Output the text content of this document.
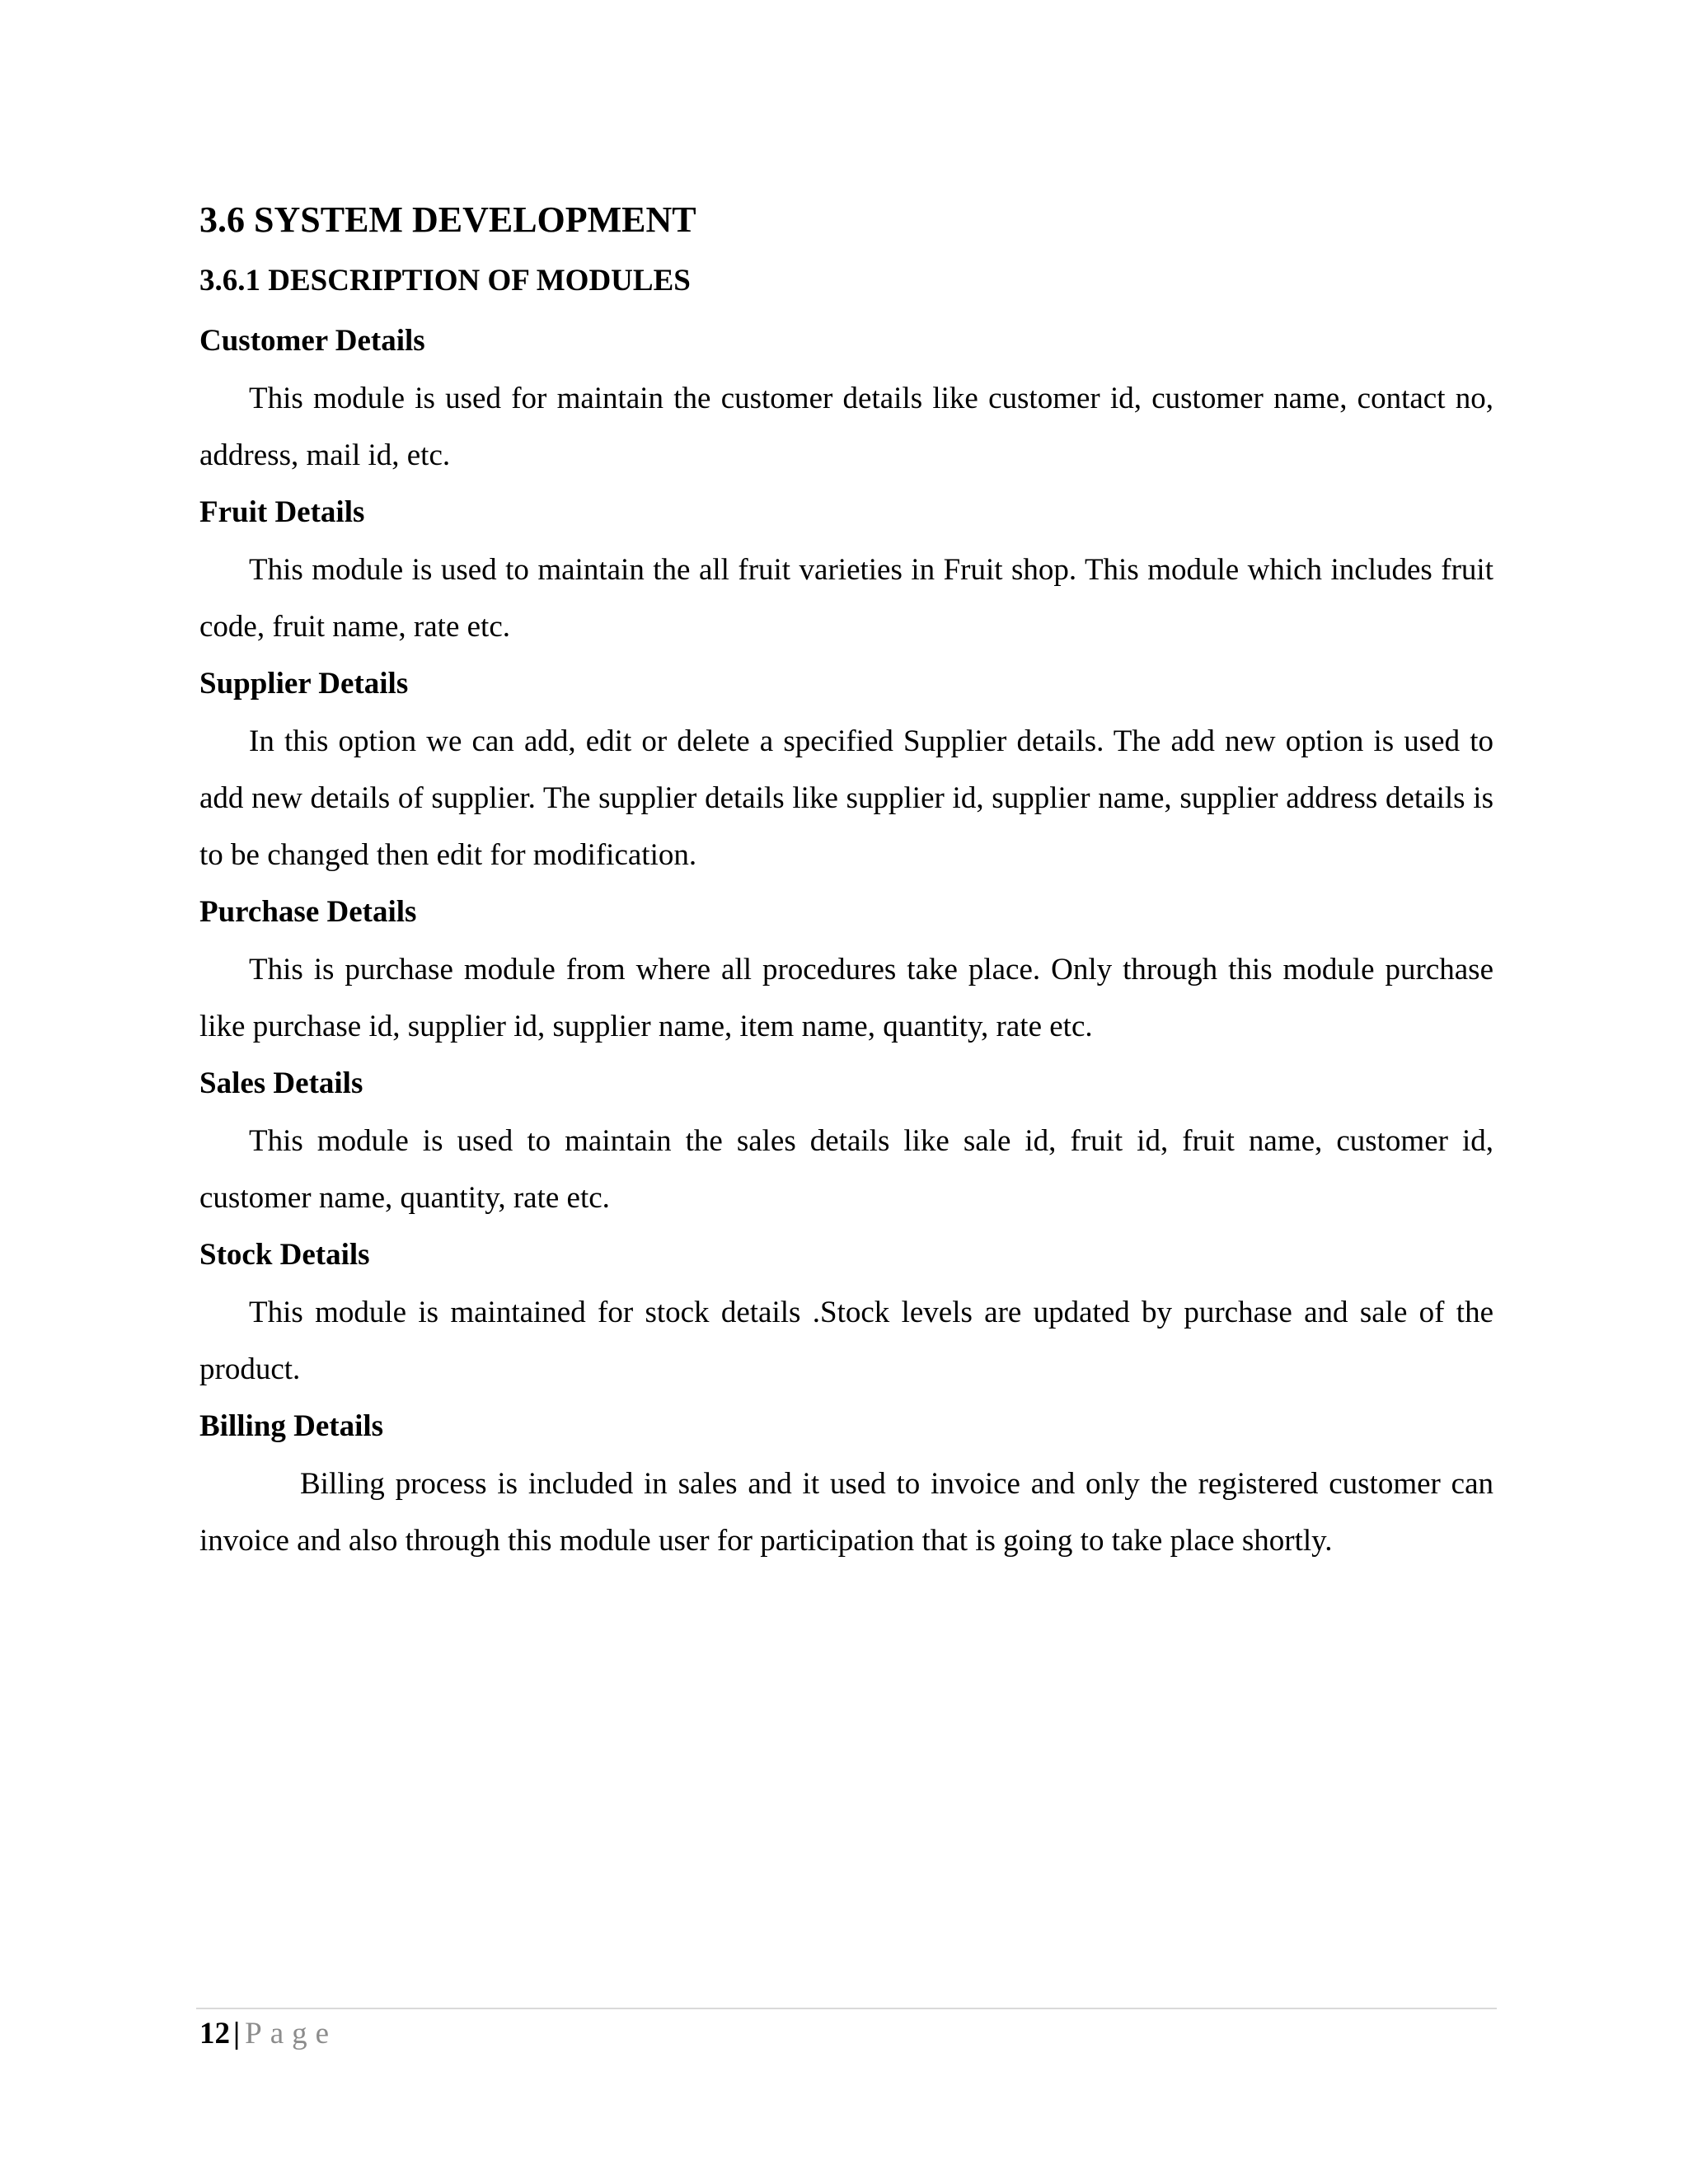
3.6 SYSTEM DEVELOPMENT
3.6.1 DESCRIPTION OF MODULES
Customer Details

This module is used for maintain the customer details like customer id, customer name, contact no, address, mail id, etc.

Fruit Details

This module is used to maintain the all fruit varieties in Fruit shop. This module which includes fruit code, fruit name, rate etc.

Supplier Details

In this option we can add, edit or delete a specified Supplier details. The add new option is used to add new details of supplier. The supplier details like supplier id, supplier name, supplier address details is to be changed then edit for modification.

Purchase Details

This is purchase module from where all procedures take place. Only through this module purchase like purchase id, supplier id, supplier name, item name, quantity, rate etc.

Sales Details

This module is used to maintain the sales details like sale id, fruit id, fruit name, customer id, customer name, quantity, rate etc.

Stock Details

This module is maintained for stock details .Stock levels are updated by purchase and sale of the product.

Billing Details

Billing process is included in sales and it used to invoice and only the registered customer can invoice and also through this module user for participation that is going to take place shortly.

12 | Page
